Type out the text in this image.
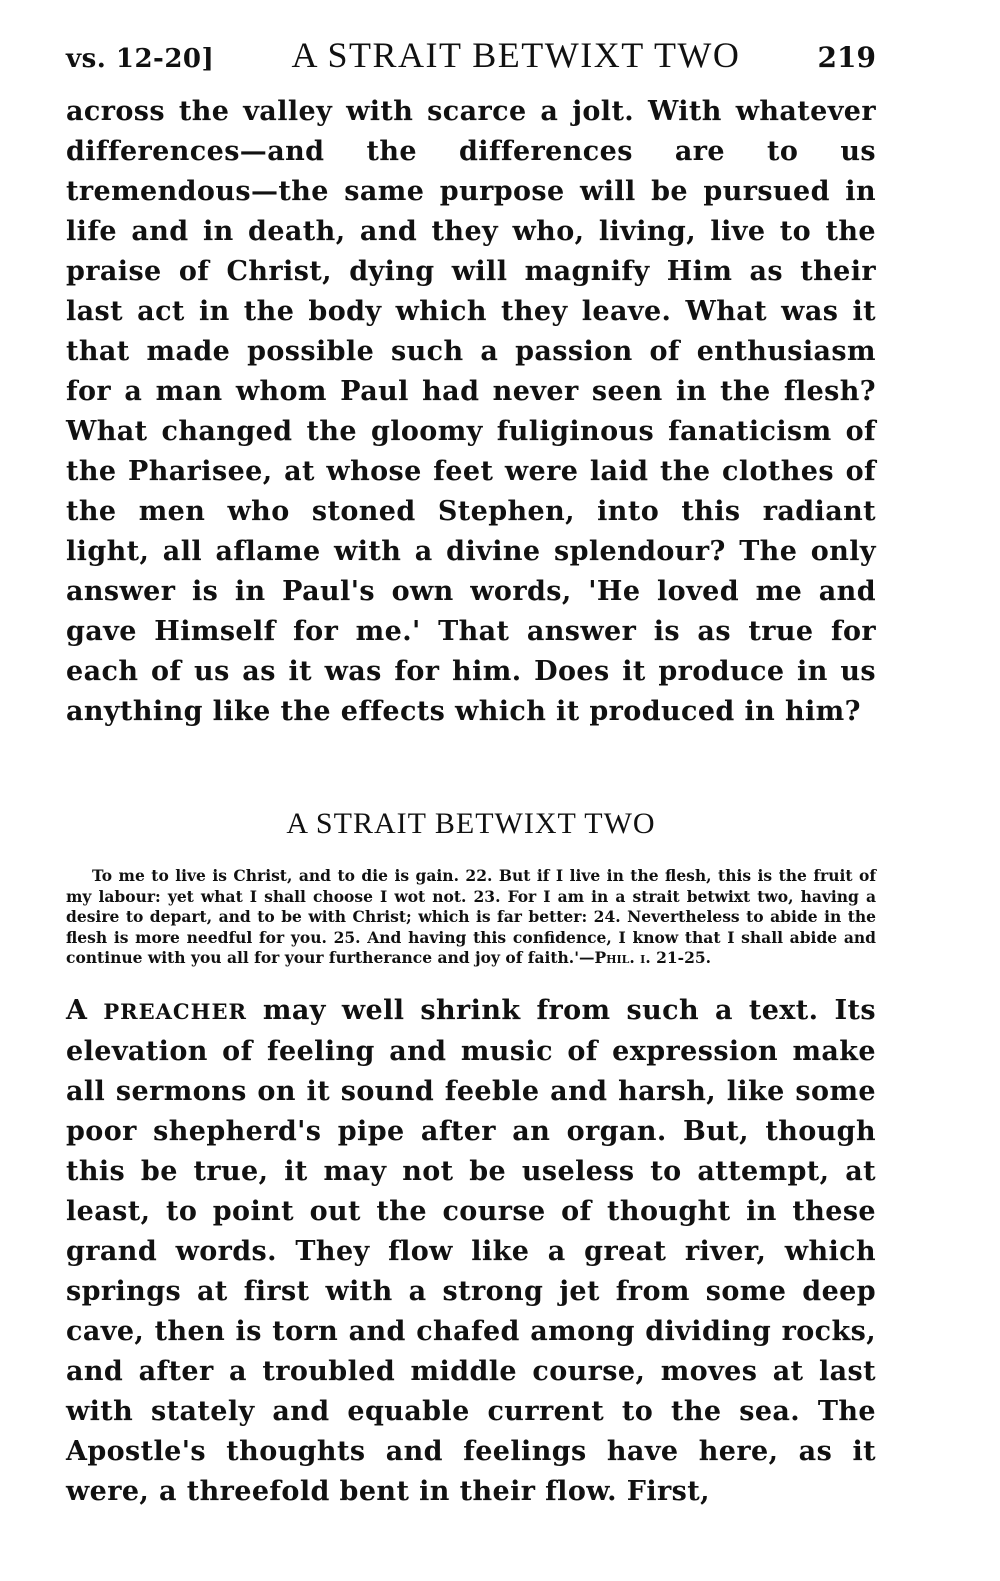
vs. 12-20] A STRAIT BETWIXT TWO	219

across the valley with scarce a jolt. With whatever differences—and the differences are to us tremendous—the same purpose will be pursued in life and in death, and they who, living, live to the praise of Christ, dying will magnify Him as their last act in the body which they leave. What was it that made possible such a passion of enthusiasm for a man whom Paul had never seen in the flesh? What changed the gloomy fuliginous fanaticism of the Pharisee, at whose feet were laid the clothes of the men who stoned Stephen, into this radiant light, all aflame with a divine splendour? The only answer is in Paul's own words, 'He loved me and gave Himself for me.' That answer is as true for each of us as it was for him. Does it produce in us anything like the effects which it produced in him?

A STRAIT BETWIXT TWO

To me to live is Christ, and to die is gain. 22. But if I live in the flesh, this is the fruit of my labour: yet what I shall choose I wot not. 23. For I am in a strait betwixt two, having a desire to depart, and to be with Christ; which is far better: 24. Nevertheless to abide in the flesh is more needful for you. 25. And having this confidence, I know that I shall abide and continue with you all for your furtherance and joy of faith.'—Phil. i. 21-25.

A PREACHER may well shrink from such a text. Its elevation of feeling and music of expression make all sermons on it sound feeble and harsh, like some poor shepherd's pipe after an organ. But, though this be true, it may not be useless to attempt, at least, to point out the course of thought in these grand words. They flow like a great river, which springs at first with a strong jet from some deep cave, then is torn and chafed among dividing rocks, and after a troubled middle course, moves at last with stately and equable current to the sea. The Apostle's thoughts and feelings have here, as it were, a threefold bent in their flow. First,
